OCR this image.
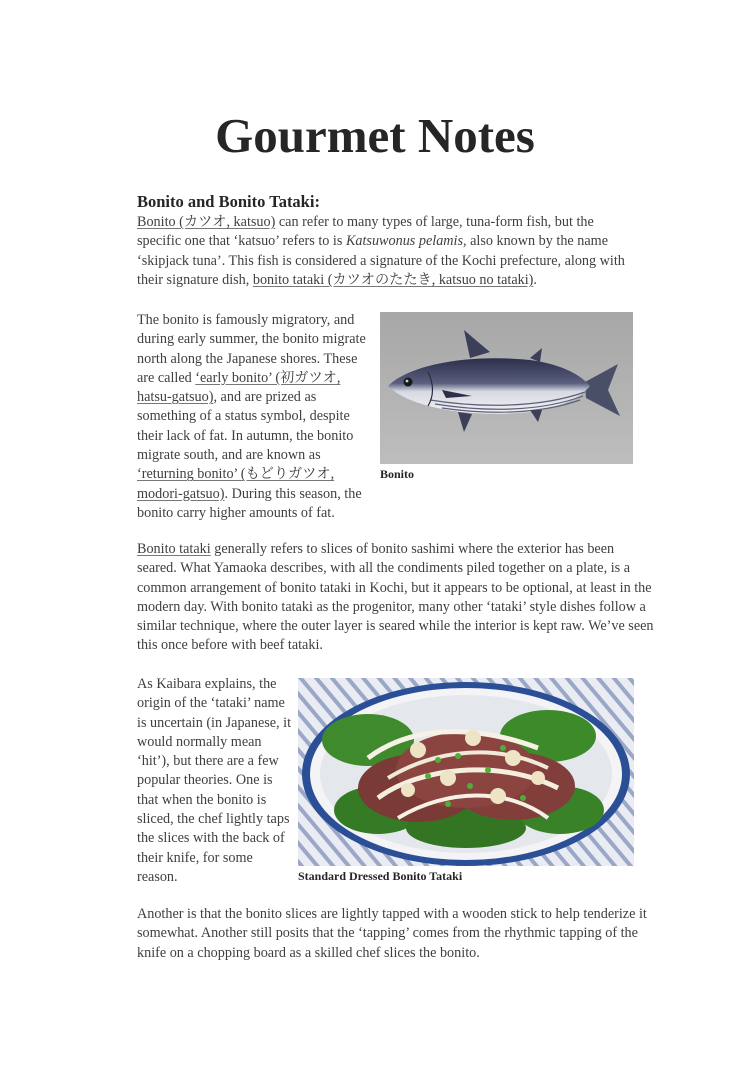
Gourmet Notes

Bonito and Bonito Tataki:

Bonito (カツオ, katsuo) can refer to many types of large, tuna-form fish, but the specific one that ‘katsuo’ refers to is Katsuwonus pelamis, also known by the name ‘skipjack tuna’. This fish is considered a signature of the Kochi prefecture, along with their signature dish, bonito tataki (カツオのたたき, katsuo no tataki).

The bonito is famously migratory, and during early summer, the bonito migrate north along the Japanese shores. These are called ‘early bonito’ (初ガツオ, hatsu-gatsuo), and are prized as something of a status symbol, despite their lack of fat. In autumn, the bonito migrate south, and are known as ‘returning bonito’ (もどりガツオ, modori-gatsuo). During this season, the bonito carry higher amounts of fat.

Bonito

Bonito tataki generally refers to slices of bonito sashimi where the exterior has been seared. What Yamaoka describes, with all the condiments piled together on a plate, is a common arrangement of bonito tataki in Kochi, but it appears to be optional, at least in the modern day. With bonito tataki as the progenitor, many other ‘tataki’ style dishes follow a similar technique, where the outer layer is seared while the interior is kept raw. We’ve seen this once before with beef tataki.

As Kaibara explains, the origin of the ‘tataki’ name is uncertain (in Japanese, it would normally mean ‘hit’), but there are a few popular theories. One is that when the bonito is sliced, the chef lightly taps the slices with the back of their knife, for some reason.	Standard Dressed Bonito Tataki

Another is that the bonito slices are lightly tapped with a wooden stick to help tenderize it somewhat. Another still posits that the ‘tapping’ comes from the rhythmic tapping of the knife on a chopping board as a skilled chef slices the bonito.
